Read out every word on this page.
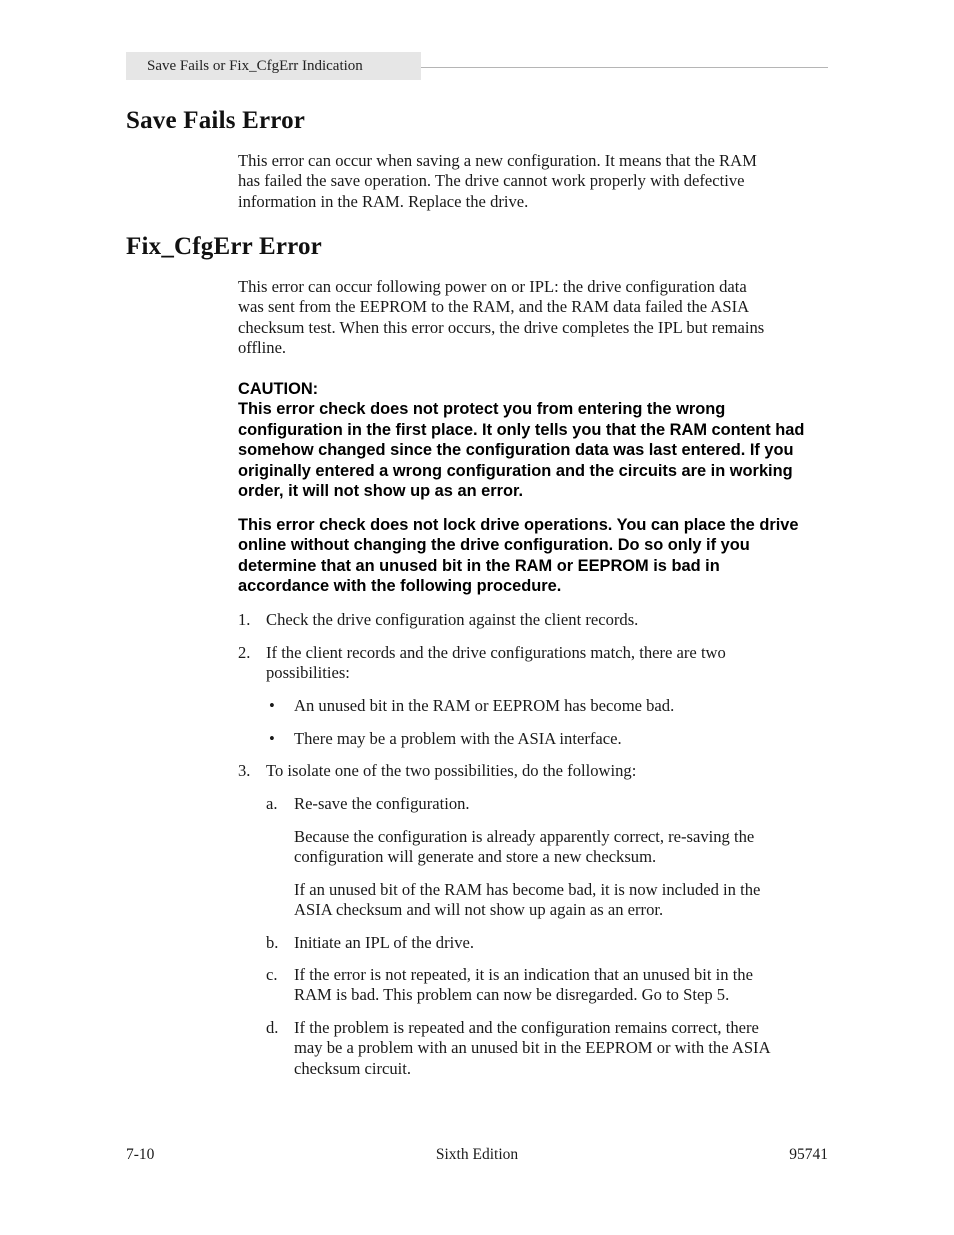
Save Fails or Fix_CfgErr Indication
Save Fails Error

This error can occur when saving a new configuration. It means that the RAM

has failed the save operation. The drive cannot work properly with defective

information in the RAM. Replace the drive.

Fix_CfgErr Error

This error can occur following power on or IPL: the drive configuration data

was sent from the EEPROM to the RAM, and the RAM data failed the ASIA

checksum test. When this error occurs, the drive completes the IPL but remains

offline.

CAUTION:

This error check does not protect you from entering the wrong

configuration in the first place. It only tells you that the RAM content had

somehow changed since the configuration data was last entered. If you

originally entered a wrong configuration and the circuits are in working

order, it will not show up as an error.

This error check does not lock drive operations. You can place the drive

online without changing the drive configuration. Do so only if you

determine that an unused bit in the RAM or EEPROM is bad in

accordance with the following procedure.

1. Check the drive configuration against the client records.
2. If the client records and the drive configurations match, there are two
possibilities:
• An unused bit in the RAM or EEPROM has become bad.
• There may be a problem with the ASIA interface.
3. To isolate one of the two possibilities, do the following:
a. Re-save the configuration.
Because the configuration is already apparently correct, re-saving the
configuration will generate and store a new checksum.
If an unused bit of the RAM has become bad, it is now included in the
ASIA checksum and will not show up again as an error.
b. Initiate an IPL of the drive.
c. If the error is not repeated, it is an indication that an unused bit in the
RAM is bad. This problem can now be disregarded. Go to Step 5.
d. If the problem is repeated and the configuration remains correct, there
may be a problem with an unused bit in the EEPROM or with the ASIA
checksum circuit.
7-10	Sixth Edition	95741
